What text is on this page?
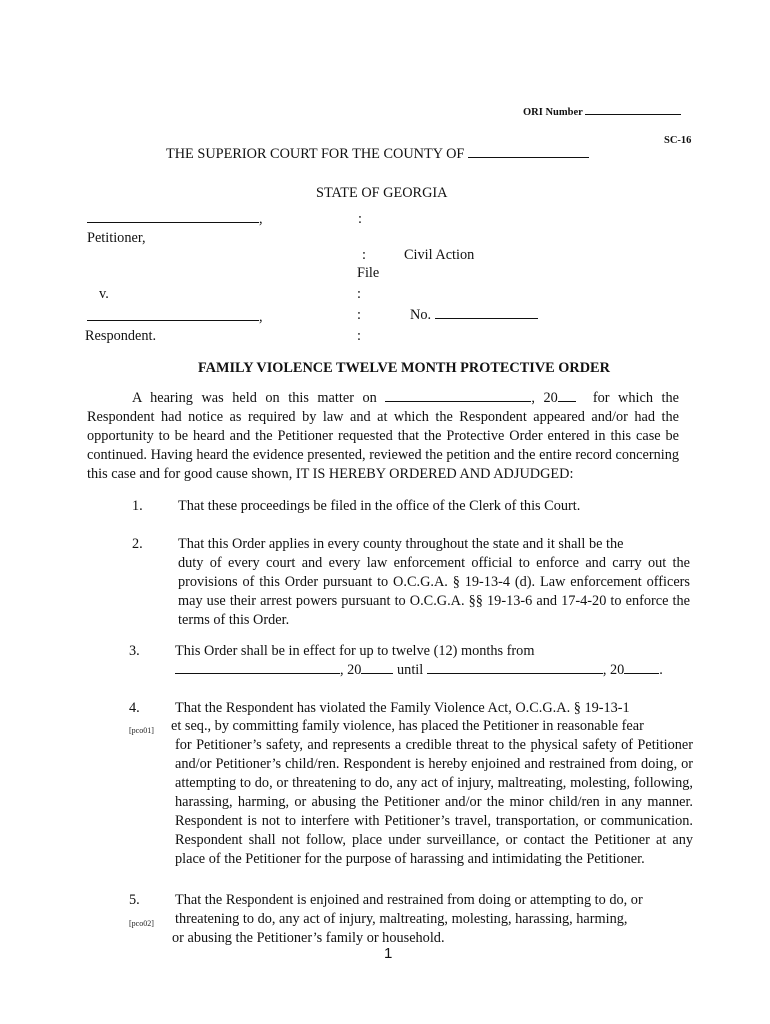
ORI Number
SC-16
THE SUPERIOR COURT FOR THE COUNTY OF
STATE OF GEORGIA
,
Petitioner,
v.
,
Respondent.
:
:
:
:
:
Civil Action
File
No.
FAMILY VIOLENCE TWELVE MONTH PROTECTIVE ORDER
A hearing was held on this matter on	, 20 for which the Respondent had notice as required by law and at which the Respondent appeared and/or had the opportunity to be heard and the Petitioner requested that the Protective Order entered in this case be continued. Having heard the evidence presented, reviewed the petition and the entire record concerning this case and for good cause shown, IT IS HEREBY ORDERED AND ADJUDGED:
1. That these proceedings be filed in the office of the Clerk of this Court.
2. That this Order applies in every county throughout the state and it shall be the
duty of every court and every law enforcement official to enforce and carry out the provisions of this Order pursuant to O.C.G.A. § 19-13-4 (d). Law enforcement officers may use their arrest powers pursuant to O.C.G.A. §§ 19-13-6 and 17-4-20 to enforce the terms of this Order.
3. This Order shall be in effect for up to twelve (12) months from
, 20 until	, 20 .
4.
[pco01]
That the Respondent has violated the Family Violence Act, O.C.G.A. § 19-13-1
et seq., by committing family violence, has placed the Petitioner in reasonable fear
for Petitioner’s safety, and represents a credible threat to the physical safety of Petitioner and/or Petitioner’s child/ren. Respondent is hereby enjoined and restrained from doing, or attempting to do, or threatening to do, any act of injury, maltreating, molesting, following, harassing, harming, or abusing the Petitioner and/or the minor child/ren in any manner. Respondent is not to interfere with Petitioner’s travel, transportation, or communication. Respondent shall not follow, place under surveillance, or contact the Petitioner at any place of the Petitioner for the purpose of harassing and intimidating the Petitioner.
5.
[pco02]
That the Respondent is enjoined and restrained from doing or attempting to do, or
threatening to do, any act of injury, maltreating, molesting, harassing, harming,
or abusing the Petitioner’s family or household.
1
